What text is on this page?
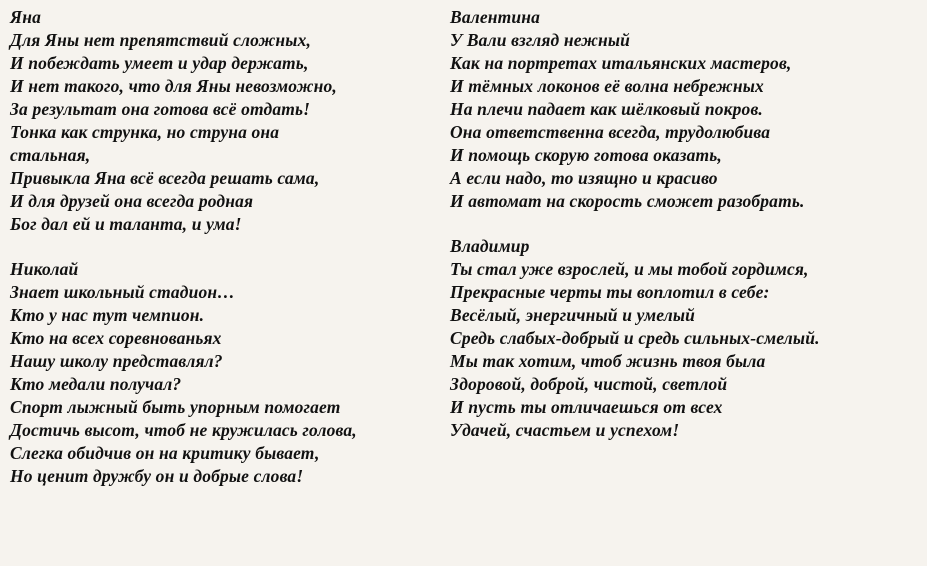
Яна
Для Яны нет препятствий сложных,
И побеждать умеет и удар держать,
И нет такого, что для Яны невозможно,
За результат она готова всё отдать!
Тонка как струнка, но струна она
стальная,
Привыкла Яна всё всегда решать сама,
И для друзей она всегда родная
Бог дал ей и таланта, и ума!
Николай
Знает школьный стадион…
Кто у нас тут чемпион.
Кто на всех соревнованьях
Нашу школу представлял?
Кто медали получал?
Спорт лыжный быть упорным помогает
Достичь высот, чтоб не кружилась голова,
Слегка обидчив он на критику бывает,
Но ценит дружбу он и добрые слова!
Валентина
У Вали взгляд нежный
Как на портретах итальянских мастеров,
И тёмных локонов её волна небрежных
На плечи падает как шёлковый покров.
Она ответственна всегда, трудолюбива
И помощь скорую готова оказать,
А если надо, то изящно и красиво
И автомат на скорость сможет разобрать.
Владимир
Ты стал уже взрослей, и мы тобой гордимся,
Прекрасные черты ты воплотил в себе:
Весёлый, энергичный и умелый
Средь слабых-добрый и средь сильных-смелый.
Мы так хотим, чтоб жизнь твоя была
Здоровой, доброй, чистой, светлой
И пусть ты отличаешься от всех
Удачей, счастьем и успехом!
